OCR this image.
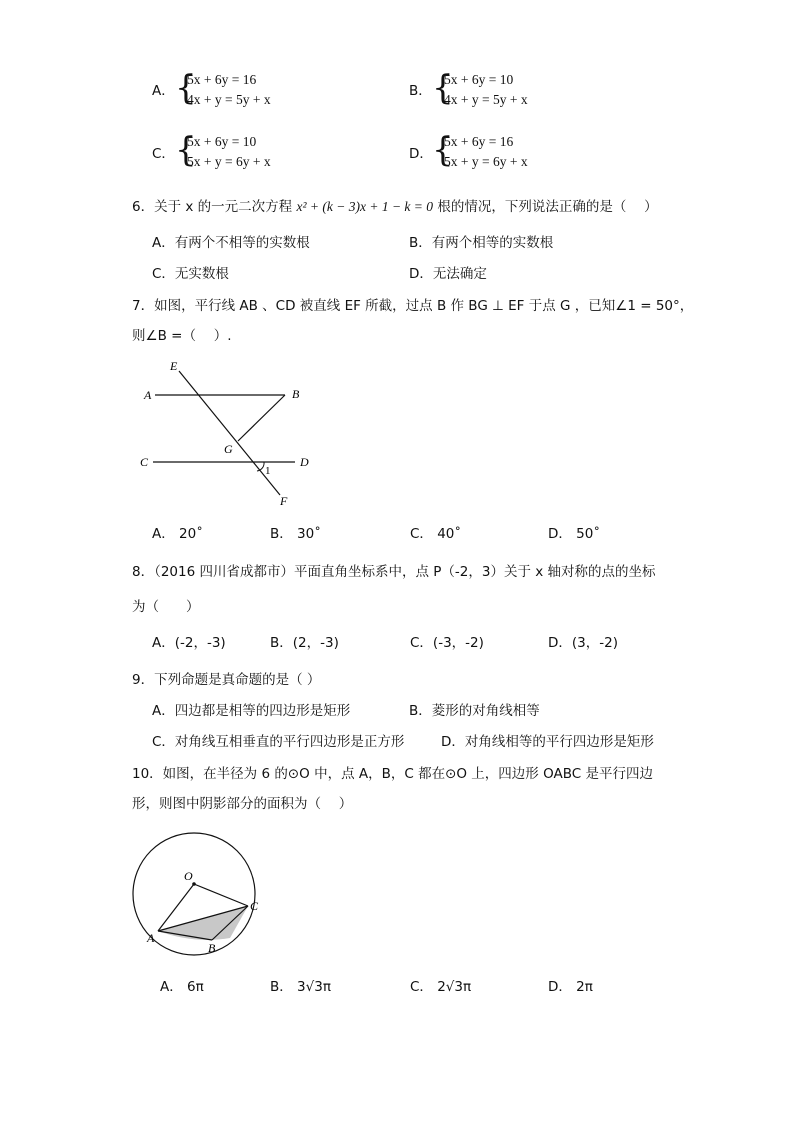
A． {
5x + 6y = 16
4x + y = 5y + x
B． {
5x + 6y = 10
4x + y = 5y + x
C． {
5x + 6y = 10
5x + y = 6y + x	D． {
5x + 6y = 16
5x + y = 6y + x
6．关于 x 的一元二次方程 x² + (k − 3)x + 1 − k = 0 根的情况，下列说法正确的是（　 ）
A．有两个不相等的实数根	B．有两个相等的实数根
C．无实数根	D．无法确定
7．如图，平行线 AB 、CD 被直线 EF 所截，过点 B 作 BG ⊥ EF 于点 G ，已知∠1 = 50°，
则∠B =（　 ）.
E
A	B
G
C	D
1
F
A． 20˚	B． 30˚	C． 40˚	D． 50˚
8．（2016 四川省成都市）平面直角坐标系中，点 P（-2，3）关于 x 轴对称的点的坐标
为（　　）
A．(-2，-3)	B．(2，-3)	C．(-3，-2)	D．(3，-2)
9．下列命题是真命题的是（ ）
A．四边都是相等的四边形是矩形	B．菱形的对角线相等
C．对角线互相垂直的平行四边形是正方形	D．对角线相等的平行四边形是矩形
10．如图，在半径为 6 的⊙O 中，点 A，B，C 都在⊙O 上，四边形 OABC 是平行四边
形，则图中阴影部分的面积为（　 ）
O
A
B
C
A． 6π	B． 3√3π	C． 2√3π	D． 2π
